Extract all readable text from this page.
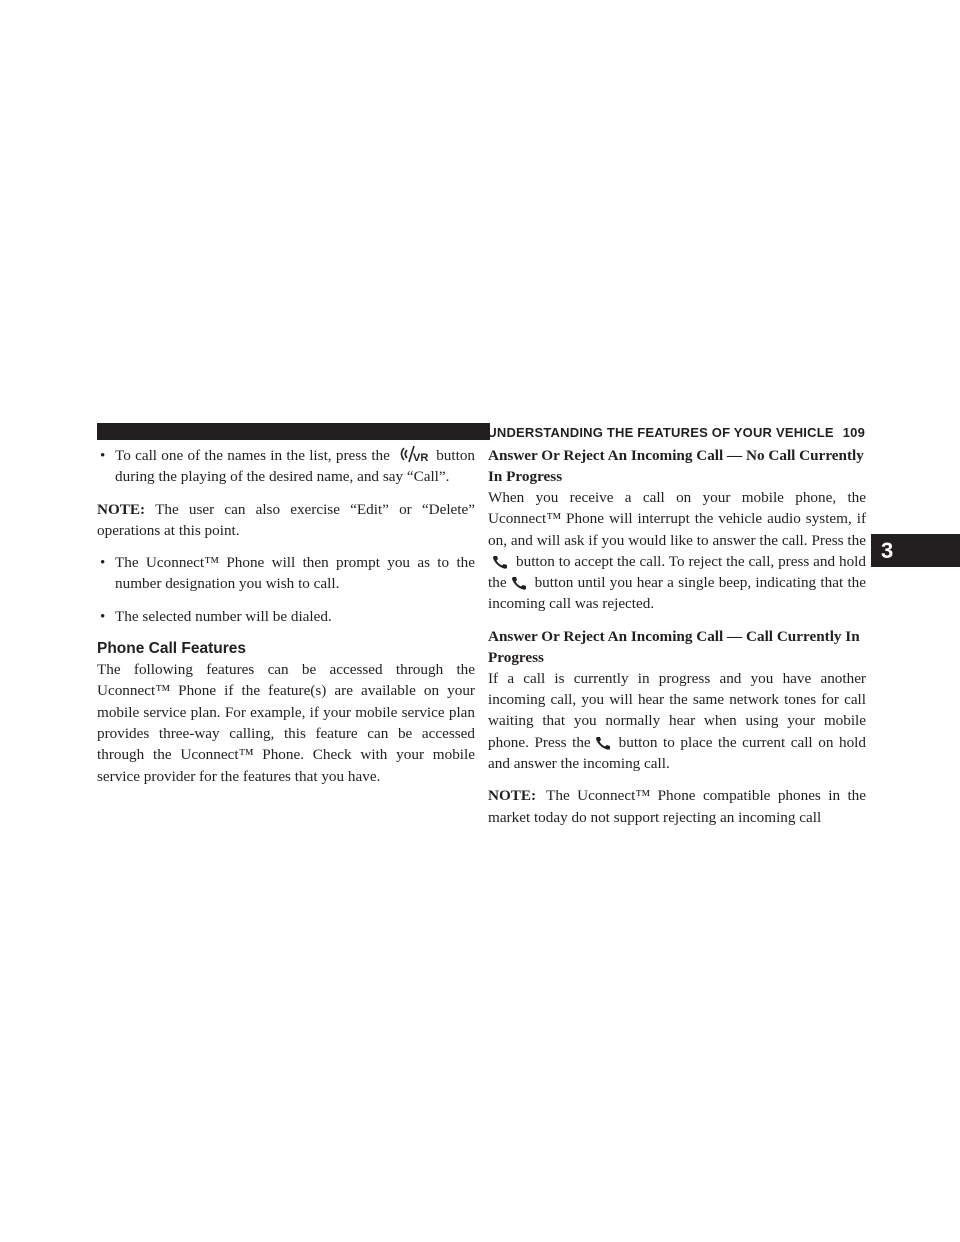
UNDERSTANDING THE FEATURES OF YOUR VEHICLE 109
3
• To call one of the names in the list, press the VR button during the playing of the desired name, and say “Call”.

NOTE: The user can also exercise “Edit” or “Delete” operations at this point.

• The Uconnect™ Phone will then prompt you as to the number designation you wish to call.
• The selected number will be dialed.
Phone Call Features

The following features can be accessed through the Uconnect™ Phone if the feature(s) are available on your mobile service plan. For example, if your mobile service plan provides three-way calling, this feature can be accessed through the Uconnect™ Phone. Check with your mobile service provider for the features that you have.

Answer Or Reject An Incoming Call — No Call Currently In Progress

When you receive a call on your mobile phone, the Uconnect™ Phone will interrupt the vehicle audio system, if on, and will ask if you would like to answer the call. Press thebutton to accept the call. To reject the call, press and hold the button until you hear a single beep, indicating that the incoming call was rejected.

Answer Or Reject An Incoming Call — Call Currently In Progress

If a call is currently in progress and you have another incoming call, you will hear the same network tones for call waiting that you normally hear when using your mobile phone. Press the button to place the current call on hold and answer the incoming call.

NOTE: The Uconnect™ Phone compatible phones in the market today do not support rejecting an incoming call
